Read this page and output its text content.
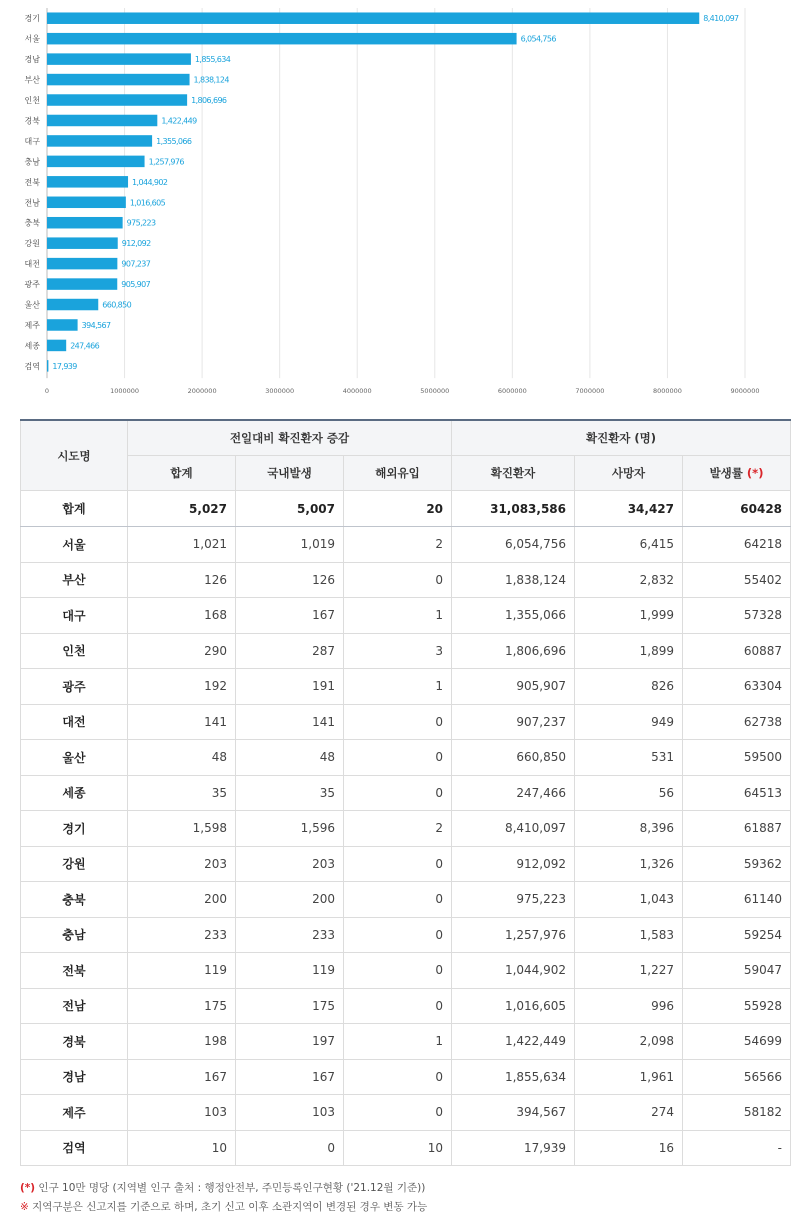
경기	8,410,097
서울	6,054,756
경남	1,855,634
부산	1,838,124
인천	1,806,696
경북	1,422,449
대구	1,355,066
충남	1,257,976
전북	1,044,902
전남	1,016,605
충북	975,223
강원	912,092
대전	907,237
광주	905,907
울산	660,850
제주	394,567
세종	247,466
검역 17,939
0	1000000	2000000	3000000	4000000	5000000	6000000	7000000	8000000	9000000
시도명	전일대비 확진환자 증감			확진환자 (명)		
	합계	국내발생	해외유입	확진환자	사망자	발생률 (*)
합계	5,027	5,007	20	31,083,586	34,427	60428
서울	1,021	1,019	2	6,054,756	6,415	64218
부산	126	126	0	1,838,124	2,832	55402
대구	168	167	1	1,355,066	1,999	57328
인천	290	287	3	1,806,696	1,899	60887
광주	192	191	1	905,907	826	63304
대전	141	141	0	907,237	949	62738
울산	48	48	0	660,850	531	59500
세종	35	35	0	247,466	56	64513
경기	1,598	1,596	2	8,410,097	8,396	61887
강원	203	203	0	912,092	1,326	59362
충북	200	200	0	975,223	1,043	61140
충남	233	233	0	1,257,976	1,583	59254
전북	119	119	0	1,044,902	1,227	59047
전남	175	175	0	1,016,605	996	55928
경북	198	197	1	1,422,449	2,098	54699
경남	167	167	0	1,855,634	1,961	56566
제주	103	103	0	394,567	274	58182
검역	10	0	10	17,939	16	-
(*) 인구 10만 명당 (지역별 인구 출처 : 행정안전부, 주민등록인구현황 ('21.12월 기준))
※ 지역구분은 신고지를 기준으로 하며, 초기 신고 이후 소관지역이 변경된 경우 변동 가능
